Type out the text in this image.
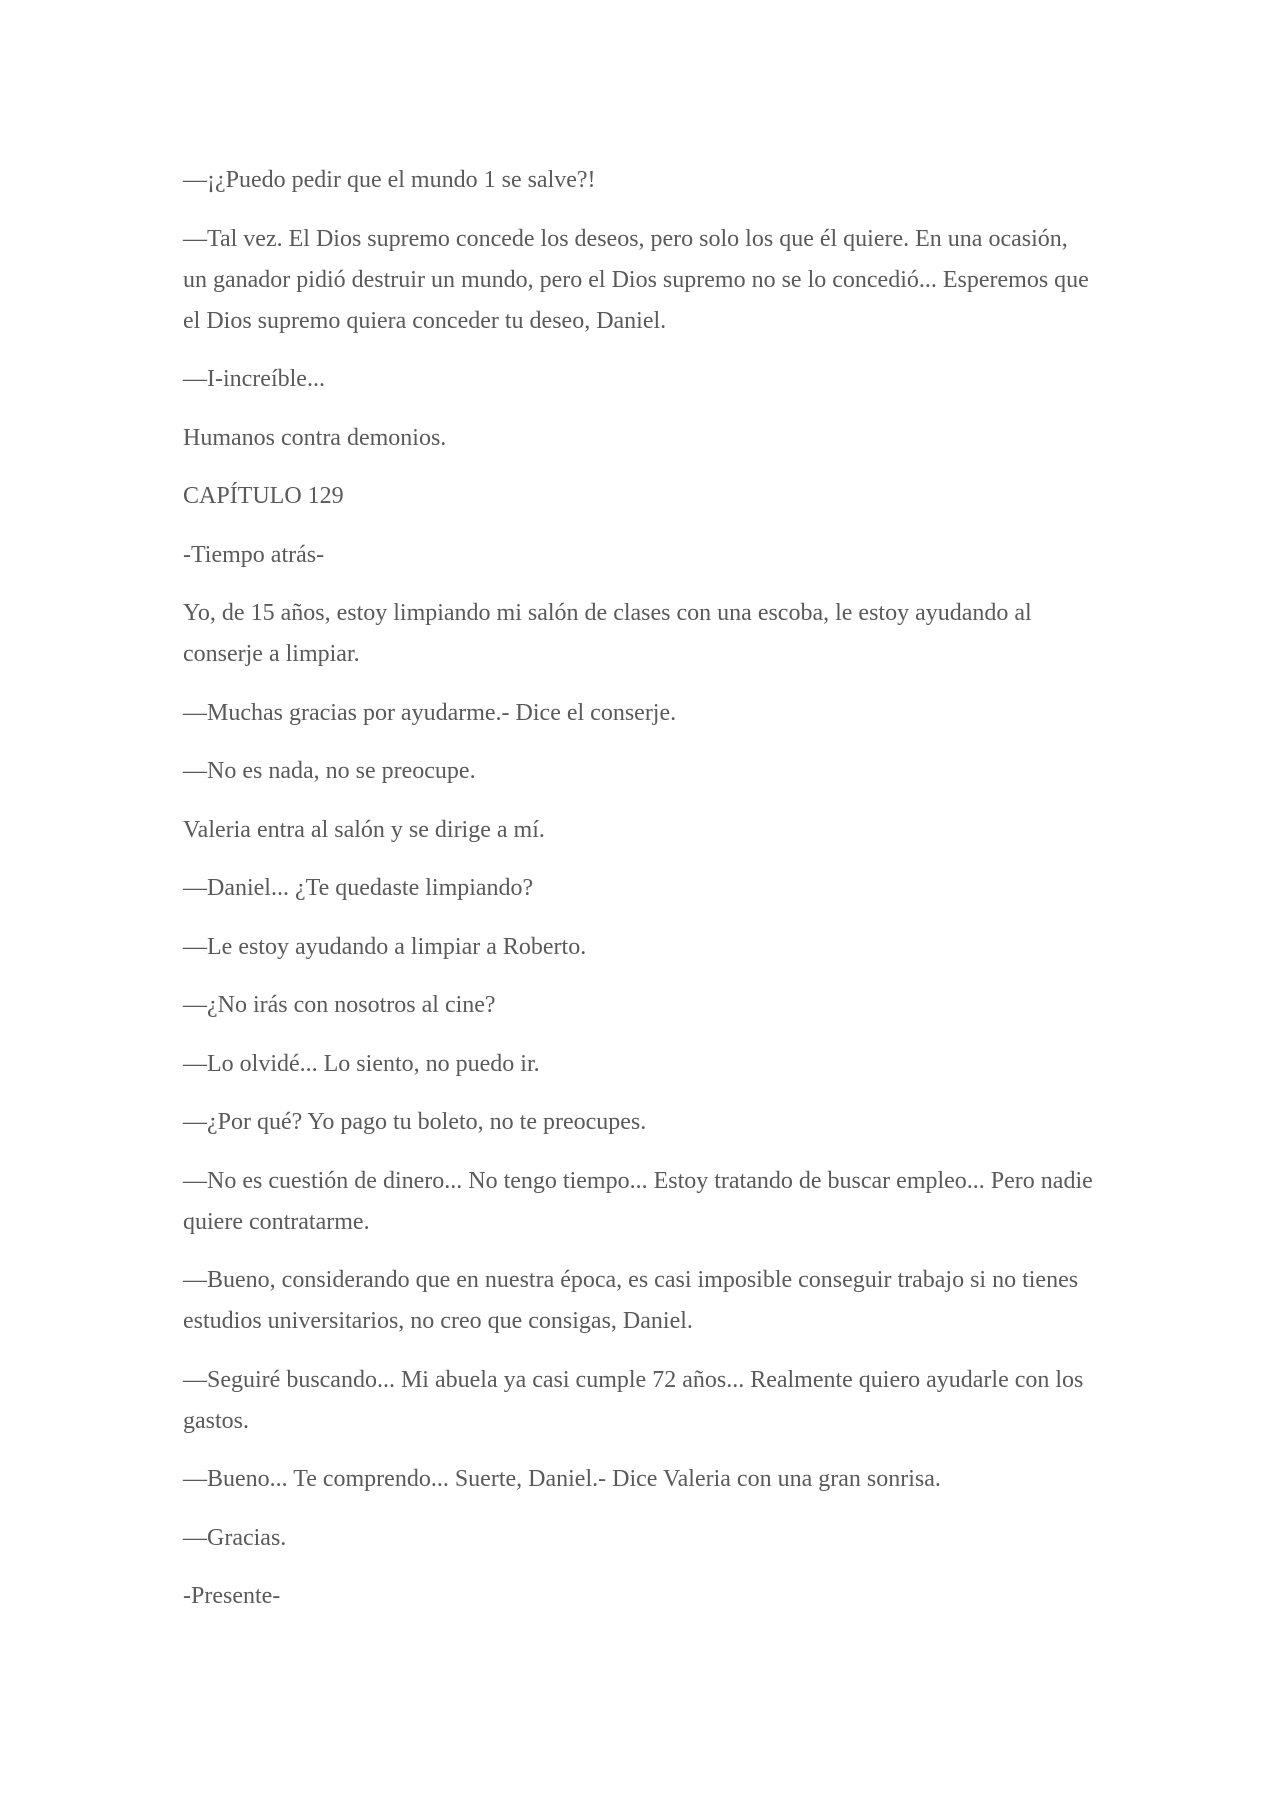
—¡¿Puedo pedir que el mundo 1 se salve?!

—Tal vez. El Dios supremo concede los deseos, pero solo los que él quiere. En una ocasión, un ganador pidió destruir un mundo, pero el Dios supremo no se lo concedió... Esperemos que el Dios supremo quiera conceder tu deseo, Daniel.

—I-increíble...

Humanos contra demonios.

CAPÍTULO 129

-Tiempo atrás-

Yo, de 15 años, estoy limpiando mi salón de clases con una escoba, le estoy ayudando al conserje a limpiar.

—Muchas gracias por ayudarme.- Dice el conserje.

—No es nada, no se preocupe.

Valeria entra al salón y se dirige a mí.

—Daniel... ¿Te quedaste limpiando?

—Le estoy ayudando a limpiar a Roberto.

—¿No irás con nosotros al cine?

—Lo olvidé... Lo siento, no puedo ir.

—¿Por qué? Yo pago tu boleto, no te preocupes.

—No es cuestión de dinero... No tengo tiempo... Estoy tratando de buscar empleo... Pero nadie quiere contratarme.

—Bueno, considerando que en nuestra época, es casi imposible conseguir trabajo si no tienes estudios universitarios, no creo que consigas, Daniel.

—Seguiré buscando... Mi abuela ya casi cumple 72 años... Realmente quiero ayudarle con los gastos.

—Bueno... Te comprendo... Suerte, Daniel.- Dice Valeria con una gran sonrisa.

—Gracias.

-Presente-
